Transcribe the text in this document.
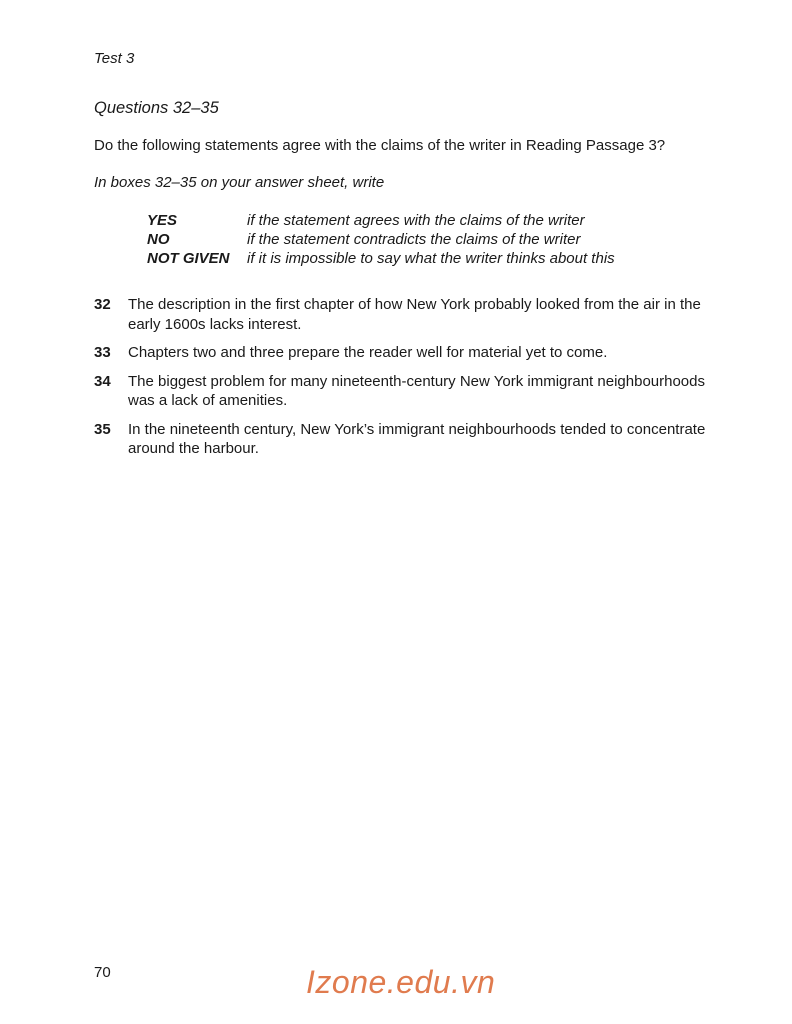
Test 3
Questions 32–35
Do the following statements agree with the claims of the writer in Reading Passage 3?
In boxes 32–35 on your answer sheet, write
YES	if the statement agrees with the claims of the writer
NO	if the statement contradicts the claims of the writer
NOT GIVEN	if it is impossible to say what the writer thinks about this
32	The description in the first chapter of how New York probably looked from the air in the early 1600s lacks interest.
33	Chapters two and three prepare the reader well for material yet to come.
34	The biggest problem for many nineteenth-century New York immigrant neighbourhoods was a lack of amenities.
35	In the nineteenth century, New York’s immigrant neighbourhoods tended to concentrate around the harbour.
70	Izone.edu.vn
